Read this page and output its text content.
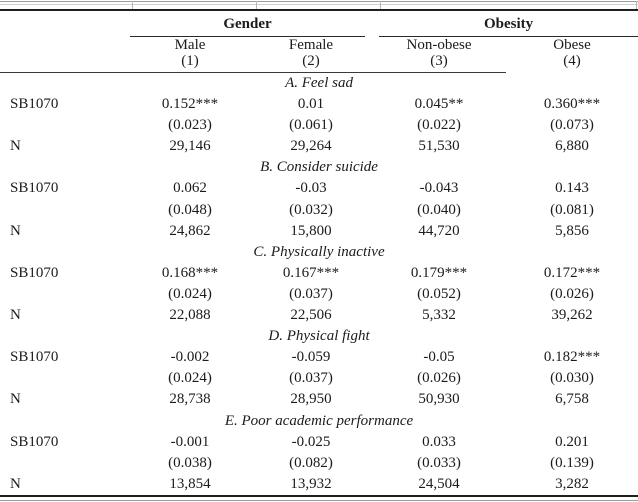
	Gender		Obesity	

	Male	Female	Non-obese	Obese
	(1)	(2)	(3)	(4)
A. Feel sad				
SB1070	0.152***	0.01	0.045**	0.360***
	(0.023)	(0.061)	(0.022)	(0.073)
N	29,146	29,264	51,530	6,880
B. Consider suicide				
SB1070	0.062	-0.03	-0.043	0.143
	(0.048)	(0.032)	(0.040)	(0.081)
N	24,862	15,800	44,720	5,856
C. Physically inactive				
SB1070	0.168***	0.167***	0.179***	0.172***
	(0.024)	(0.037)	(0.052)	(0.026)
N	22,088	22,506	5,332	39,262
D. Physical fight				
SB1070	-0.002	-0.059	-0.05	0.182***
	(0.024)	(0.037)	(0.026)	(0.030)
N	28,738	28,950	50,930	6,758
E. Poor academic performance				
SB1070	-0.001	-0.025	0.033	0.201
	(0.038)	(0.082)	(0.033)	(0.139)
N	13,854	13,932	24,504	3,282
